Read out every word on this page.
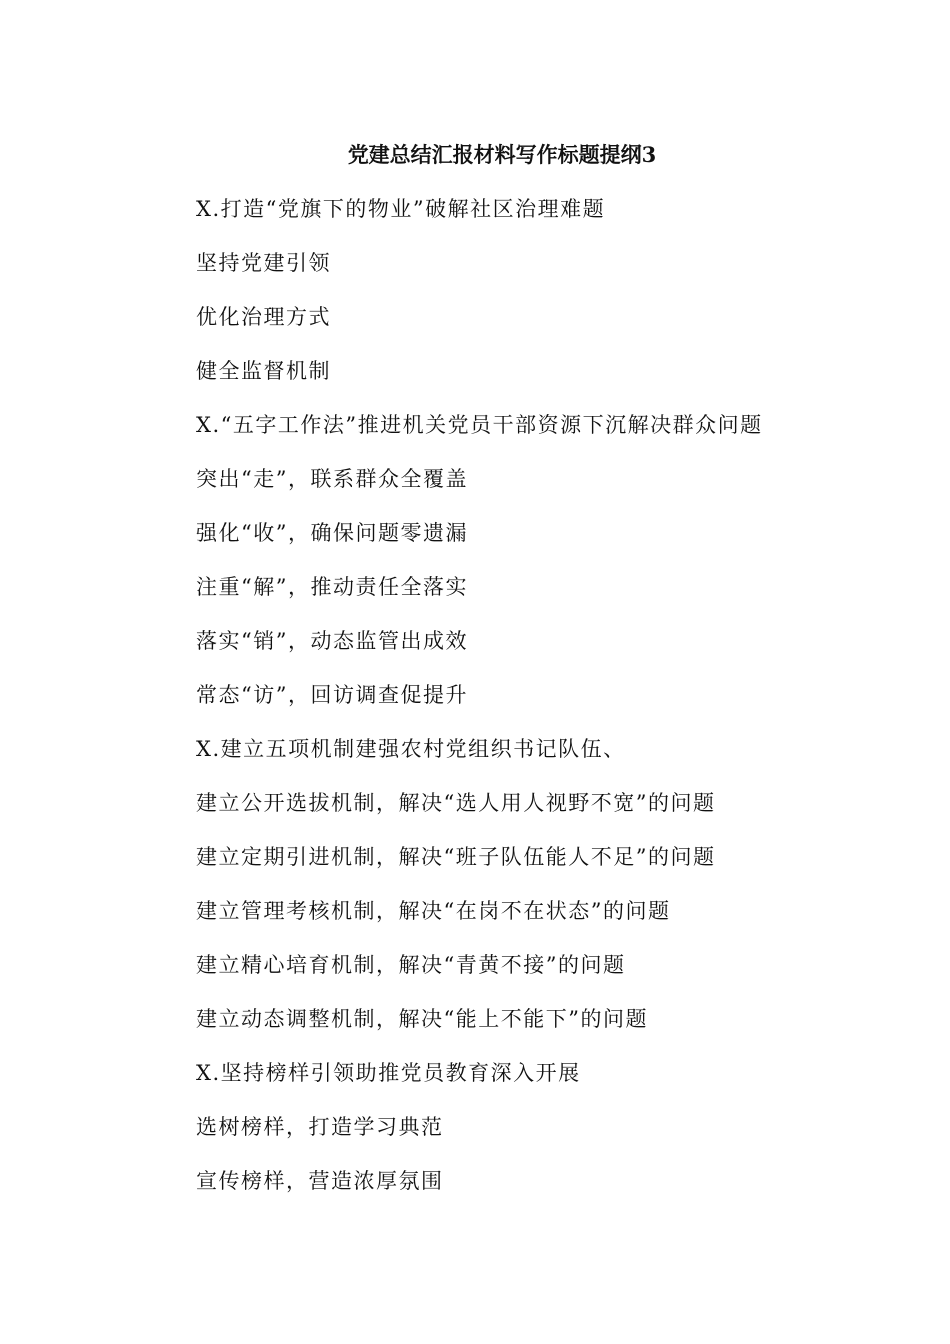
党建总结汇报材料写作标题提纲3
X.打造“党旗下的物业”破解社区治理难题
坚持党建引领
优化治理方式
健全监督机制
X.“五字工作法”推进机关党员干部资源下沉解决群众问题
突出“走”，联系群众全覆盖
强化“收”，确保问题零遗漏
注重“解”，推动责任全落实
落实“销”，动态监管出成效
常态“访”，回访调查促提升
X.建立五项机制建强农村党组织书记队伍、
建立公开选拔机制，解决“选人用人视野不宽”的问题
建立定期引进机制，解决“班子队伍能人不足”的问题
建立管理考核机制，解决“在岗不在状态”的问题
建立精心培育机制，解决“青黄不接”的问题
建立动态调整机制，解决“能上不能下”的问题
X.坚持榜样引领助推党员教育深入开展
选树榜样，打造学习典范
宣传榜样，营造浓厚氛围
